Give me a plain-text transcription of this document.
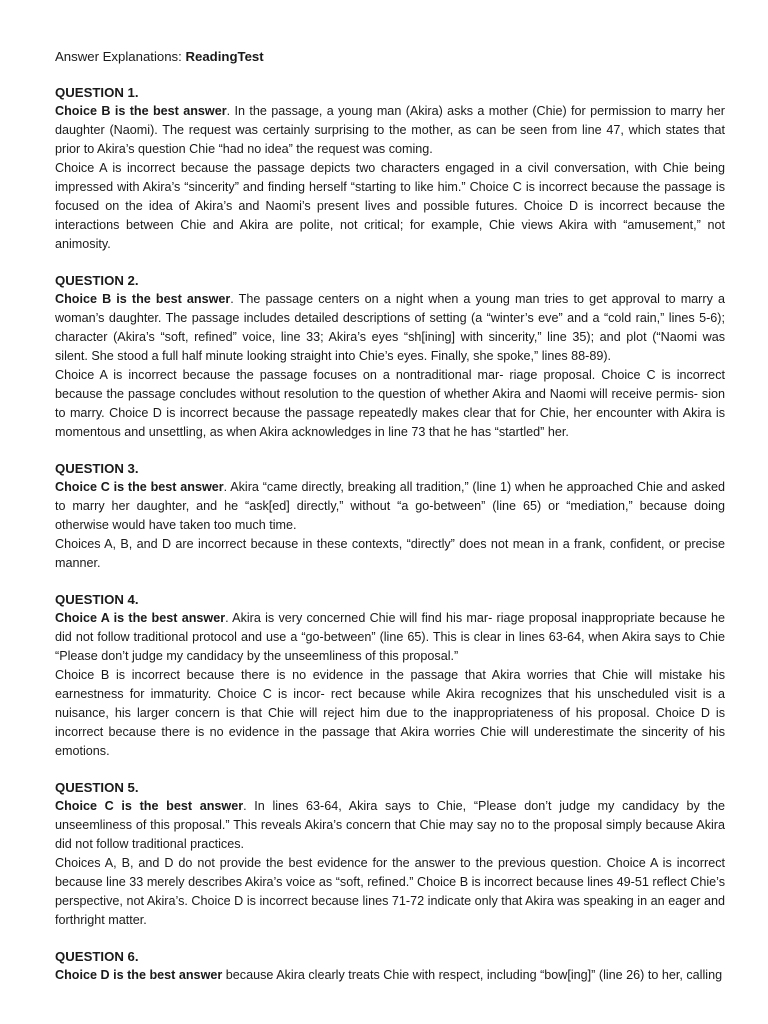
Answer Explanations: ReadingTest
QUESTION 1.

Choice B is the best answer. In the passage, a young man (Akira) asks a mother (Chie) for permission to marry her daughter (Naomi). The request was certainly surprising to the mother, as can be seen from line 47, which states that prior to Akira’s question Chie “had no idea” the request was coming.

Choice A is incorrect because the passage depicts two characters engaged in a civil conversation, with Chie being impressed with Akira’s “sincerity” and finding herself “starting to like him.” Choice C is incorrect because the passage is focused on the idea of Akira’s and Naomi’s present lives and possible futures. Choice D is incorrect because the interactions between Chie and Akira are polite, not critical; for example, Chie views Akira with “amusement,” not animosity.

QUESTION 2.

Choice B is the best answer. The passage centers on a night when a young man tries to get approval to marry a woman’s daughter. The passage includes detailed descriptions of setting (a “winter’s eve” and a “cold rain,” lines 5-6); character (Akira’s “soft, refined” voice, line 33; Akira’s eyes “sh[ining] with sincerity,” line 35); and plot (“Naomi was silent. She stood a full half minute looking straight into Chie’s eyes. Finally, she spoke,” lines 88-89).

Choice A is incorrect because the passage focuses on a nontraditional mar- riage proposal. Choice C is incorrect because the passage concludes without resolution to the question of whether Akira and Naomi will receive permis- sion to marry. Choice D is incorrect because the passage repeatedly makes clear that for Chie, her encounter with Akira is momentous and unsettling, as when Akira acknowledges in line 73 that he has “startled” her.

QUESTION 3.

Choice C is the best answer. Akira “came directly, breaking all tradition,” (line 1) when he approached Chie and asked to marry her daughter, and he “ask[ed] directly,” without “a go-between” (line 65) or “mediation,” because doing otherwise would have taken too much time.

Choices A, B, and D are incorrect because in these contexts, “directly” does not mean in a frank, confident, or precise manner.

QUESTION 4.

Choice A is the best answer. Akira is very concerned Chie will find his mar- riage proposal inappropriate because he did not follow traditional protocol and use a “go-between” (line 65). This is clear in lines 63-64, when Akira says to Chie “Please don’t judge my candidacy by the unseemliness of this proposal.”

Choice B is incorrect because there is no evidence in the passage that Akira worries that Chie will mistake his earnestness for immaturity. Choice C is incor- rect because while Akira recognizes that his unscheduled visit is a nuisance, his larger concern is that Chie will reject him due to the inappropriateness of his proposal. Choice D is incorrect because there is no evidence in the passage that Akira worries Chie will underestimate the sincerity of his emotions.

QUESTION 5.

Choice C is the best answer. In lines 63-64, Akira says to Chie, “Please don’t judge my candidacy by the unseemliness of this proposal.” This reveals Akira’s concern that Chie may say no to the proposal simply because Akira did not follow traditional practices.

Choices A, B, and D do not provide the best evidence for the answer to the previous question. Choice A is incorrect because line 33 merely describes Akira’s voice as “soft, refined.” Choice B is incorrect because lines 49-51 reflect Chie’s perspective, not Akira’s. Choice D is incorrect because lines 71-72 indicate only that Akira was speaking in an eager and forthright matter.

QUESTION 6.

Choice D is the best answer because Akira clearly treats Chie with respect, including “bow[ing]” (line 26) to her, calling
